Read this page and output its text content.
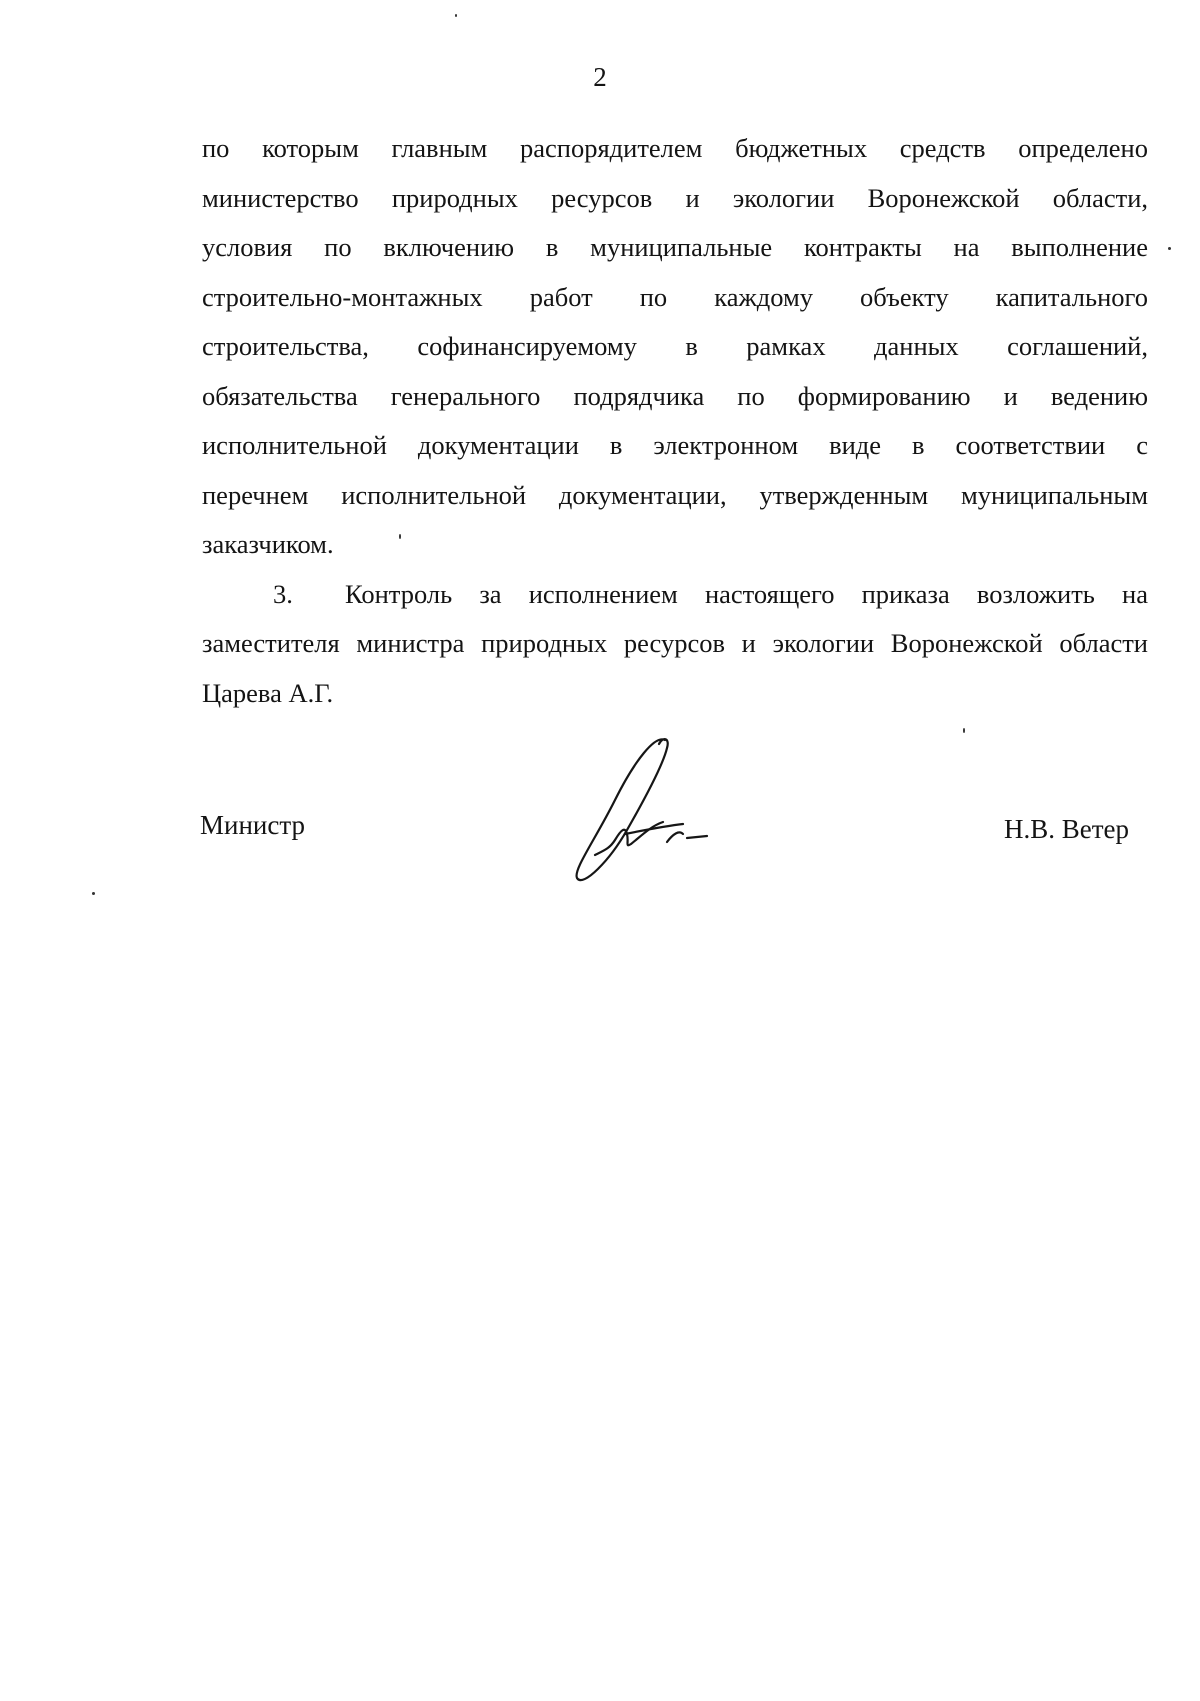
2
по которым главным распорядителем бюджетных средств определено
министерство природных ресурсов и экологии Воронежской области,
условия по включению в муниципальные контракты на выполнение
строительно-монтажных работ по каждому объекту капитального
строительства, софинансируемому в рамках данных соглашений,
обязательства генерального подрядчика по формированию и ведению
исполнительной документации в электронном виде в соответствии с
перечнем исполнительной документации, утвержденным муниципальным
заказчиком.
3.	Контроль за исполнением настоящего приказа возложить на
заместителя министра природных ресурсов и экологии Воронежской области
Царева А.Г.
Министр	Н.В. Ветер
